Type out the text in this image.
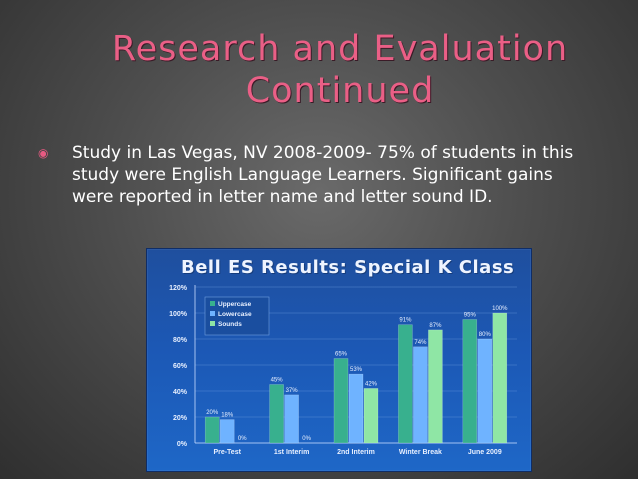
Research and Evaluation Continued
◉	Study in Las Vegas, NV 2008-2009- 75% of students in this study were English Language Learners. Significant gains were reported in letter name and letter sound ID.
Bell ES Results: Special K Class
0%
20%
40%
60%
80%
100%
120%
20% 18%
0%
Pre-Test
45%
37%
0%
1st Interim
65%
53%
42%
2nd Interim
91%
74%
87%
Winter Break
95%
80%
100%
June 2009
Uppercase
Lowercase
Sounds
